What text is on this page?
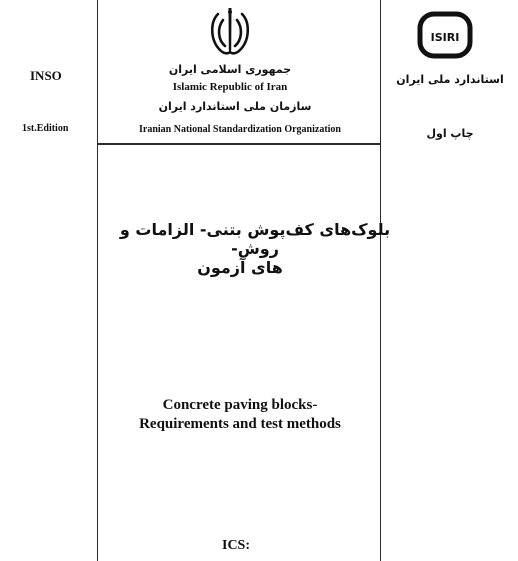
INSO
1st.Edition
جمهوری اسلامی ایران
Islamic Republic of Iran
سازمان ملی استاندارد ایران
Iranian National Standardization Organization
ISIRI
استاندارد ملی ایران
چاپ اول
بلوک‌های کف‌پوش بتنی- الزامات و روش-
های آزمون
Concrete paving blocks-
Requirements and test methods
ICS:
